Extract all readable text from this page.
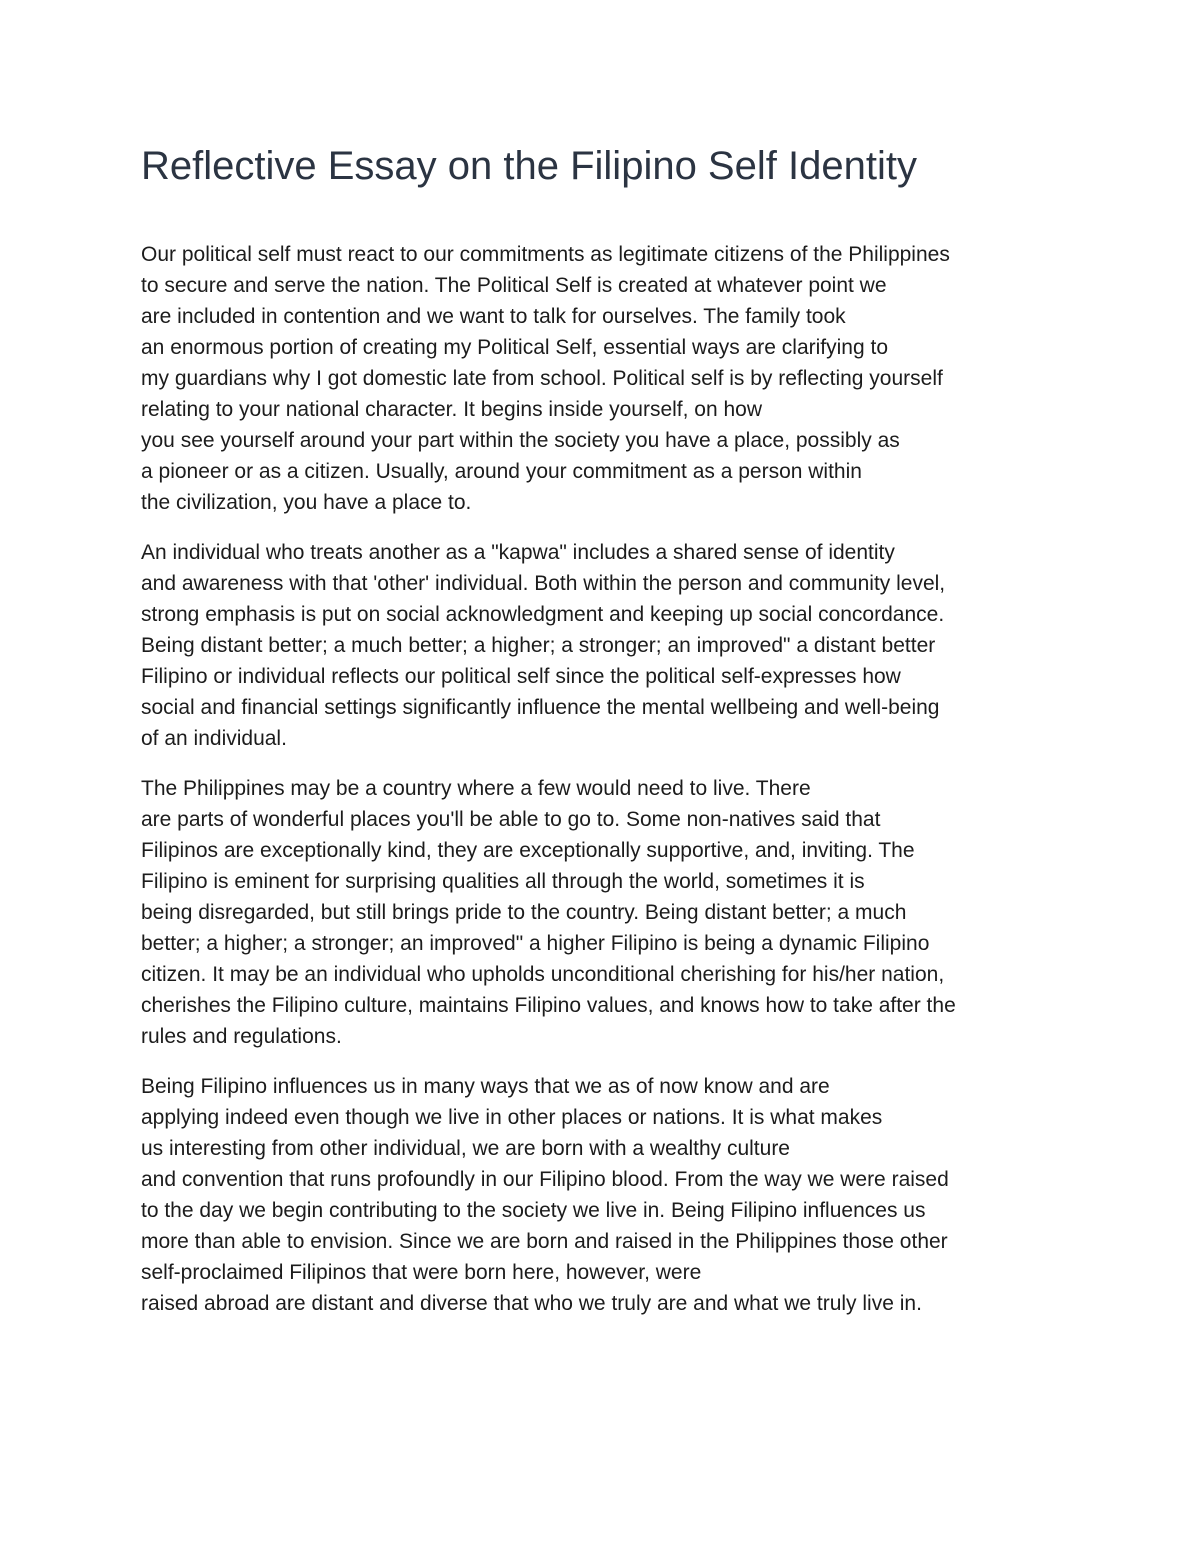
Reflective Essay on the Filipino Self Identity

Our political self must react to our commitments as legitimate citizens of the Philippines
to secure and serve the nation. The Political Self is created at whatever point we
are included in contention and we want to talk for ourselves. The family took
an enormous portion of creating my Political Self, essential ways are clarifying to
my guardians why I got domestic late from school. Political self is by reflecting yourself
relating to your national character. It begins inside yourself, on how
you see yourself around your part within the society you have a place, possibly as
a pioneer or as a citizen. Usually, around your commitment as a person within
the civilization, you have a place to.

An individual who treats another as a "kapwa" includes a shared sense of identity
and awareness with that 'other' individual. Both within the person and community level,
strong emphasis is put on social acknowledgment and keeping up social concordance.
Being distant better; a much better; a higher; a stronger; an improved" a distant better
Filipino or individual reflects our political self since the political self-expresses how
social and financial settings significantly influence the mental wellbeing and well-being
of an individual.

The Philippines may be a country where a few would need to live. There
are parts of wonderful places you'll be able to go to. Some non-natives said that
Filipinos are exceptionally kind, they are exceptionally supportive, and, inviting. The
Filipino is eminent for surprising qualities all through the world, sometimes it is
being disregarded, but still brings pride to the country. Being distant better; a much
better; a higher; a stronger; an improved" a higher Filipino is being a dynamic Filipino
citizen. It may be an individual who upholds unconditional cherishing for his/her nation,
cherishes the Filipino culture, maintains Filipino values, and knows how to take after the
rules and regulations.

Being Filipino influences us in many ways that we as of now know and are
applying indeed even though we live in other places or nations. It is what makes
us interesting from other individual, we are born with a wealthy culture
and convention that runs profoundly in our Filipino blood. From the way we were raised
to the day we begin contributing to the society we live in. Being Filipino influences us
more than able to envision. Since we are born and raised in the Philippines those other
self-proclaimed Filipinos that were born here, however, were
raised abroad are distant and diverse that who we truly are and what we truly live in.
